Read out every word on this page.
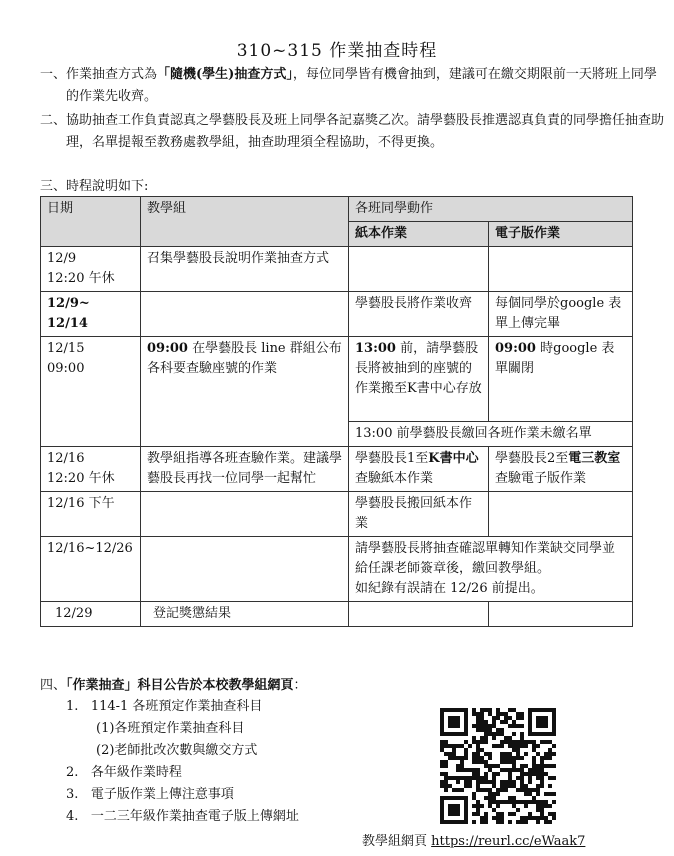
310~315 作業抽查時程
一、作業抽查方式為「隨機(學生)抽查方式」，每位同學皆有機會抽到，建議可在繳交期限前一天將班上同學的作業先收齊。
二、協助抽查工作負責認真之學藝股長及班上同學各記嘉獎乙次。請學藝股長推選認真負責的同學擔任抽查助理，名單提報至教務處教學組，抽查助理須全程協助，不得更換。
三、時程說明如下:
日期	教學組	各班同學動作	
		紙本作業	電子版作業
12/9
12:20 午休	召集學藝股長說明作業抽查方式		
12/9~
12/14		學藝股長將作業收齊	每個同學於google 表單上傳完畢
12/15
09:00	09:00 在學藝股長 line 群組公布各科要查驗座號的作業	13:00 前，請學藝股長將被抽到的座號的作業搬至K書中心存放	09:00 時google 表單關閉
		13:00 前學藝股長繳回各班作業未繳名單	
12/16
12:20 午休	教學組指導各班查驗作業。建議學藝股長再找一位同學一起幫忙	學藝股長1至K書中心查驗紙本作業	學藝股長2至電三教室查驗電子版作業
12/16 下午		學藝股長搬回紙本作業	
12/16~12/26		請學藝股長將抽查確認單轉知作業缺交同學並給任課老師簽章後，繳回教學組。
如紀錄有誤請在 12/26 前提出。	
12/29	登記獎懲結果		
四、「作業抽查」科目公告於本校教學組網頁：
1. 114-1 各班預定作業抽查科目
(1)各班預定作業抽查科目
(2)老師批改次數與繳交方式
2. 各年級作業時程
3. 電子版作業上傳注意事項
4. 一二三年級作業抽查電子版上傳網址
教學組網頁 https://reurl.cc/eWaak7
